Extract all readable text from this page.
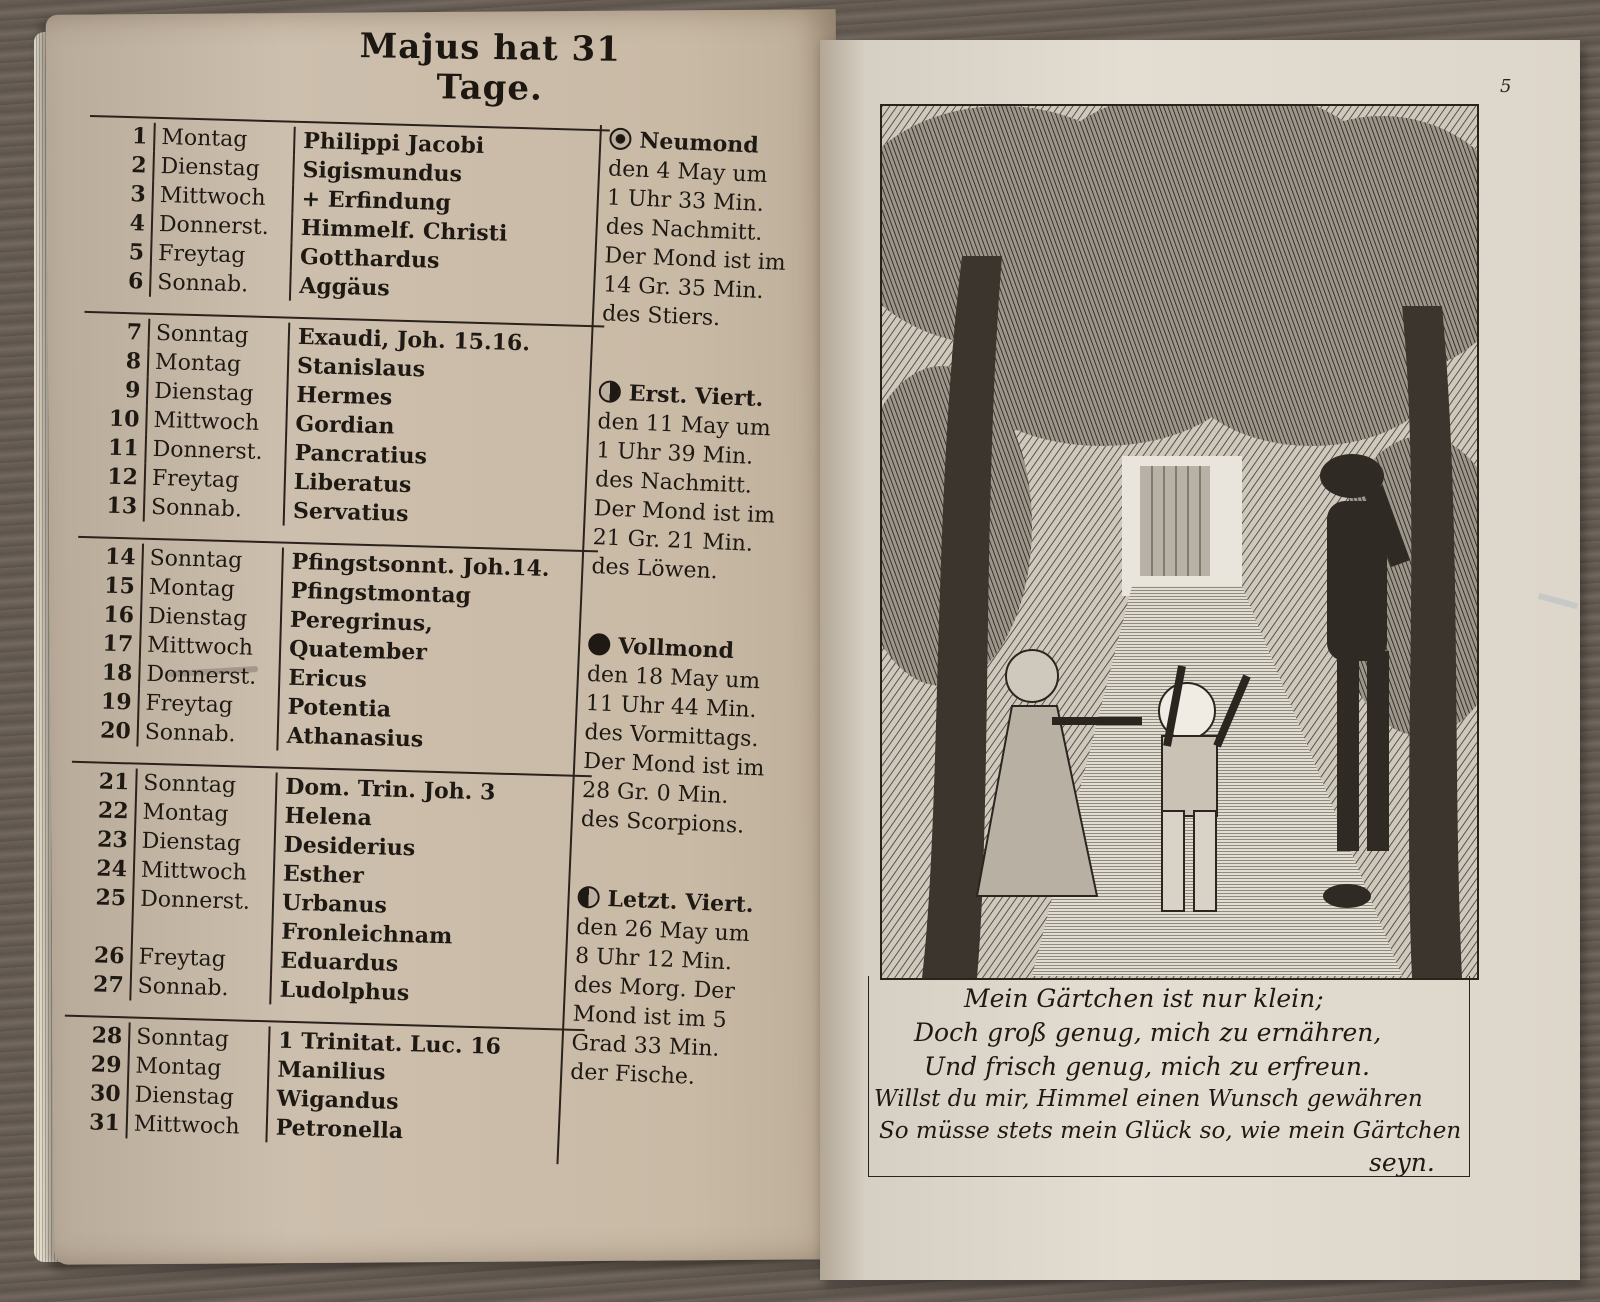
Majus hat 31 Tage.
1 Montag	Philippi Jacobi
2 Dienstag	Sigismundus
3 Mittwoch	+ Erfindung
4 Donnerst.	Himmelf. Christi
5 Freytag	Gotthardus
6 Sonnab.	Aggäus
7 Sonntag	Exaudi, Joh. 15.16.
8 Montag	Stanislaus
9 Dienstag	Hermes
10 Mittwoch	Gordian
11 Donnerst.	Pancratius
12 Freytag	Liberatus
13 Sonnab.	Servatius
14 Sonntag	Pfingstsonnt. Joh.14.
15 Montag	Pfingstmontag
16 Dienstag	Peregrinus,
17 Mittwoch	Quatember
18 Donnerst.	Ericus
19 Freytag	Potentia
20 Sonnab.	Athanasius
21 Sonntag	Dom. Trin. Joh. 3
22 Montag	Helena
23 Dienstag	Desiderius
24 Mittwoch	Esther
25 Donnerst.	Urbanus
Fronleichnam
26 Freytag	Eduardus
27 Sonnab.	Ludolphus
28 Sonntag	1 Trinitat. Luc. 16
29 Montag	Manilius
30 Dienstag	Wigandus
31 Mittwoch	Petronella
Neumond
den 4 May um
1 Uhr 33 Min.
des Nachmitt.
Der Mond ist im
14 Gr. 35 Min.
des Stiers.
Erst. Viert.
den 11 May um
1 Uhr 39 Min.
des Nachmitt.
Der Mond ist im
21 Gr. 21 Min.
des Löwen.
Vollmond
den 18 May um
11 Uhr 44 Min.
des Vormittags.
Der Mond ist im
28 Gr. 0 Min.
des Scorpions.
Letzt. Viert.
den 26 May um
8 Uhr 12 Min.
des Morg. Der
Mond ist im 5
Grad 33 Min.
der Fische.
5
Mein Gärtchen ist nur klein;
Doch groß genug, mich zu ernähren,
Und frisch genug, mich zu erfreun.
Willst du mir, Himmel einen Wunsch gewähren
So müsse stets mein Glück so, wie mein Gärtchen
seyn.
